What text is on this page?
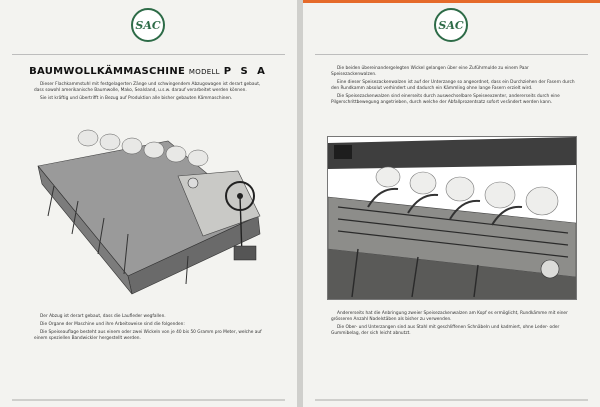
SAC
BAUMWOLLKÄMMASCHINE MODELL P S A

Dieser Flachkammstuhl mit festgelagerten Zänge und schwingendem Abzugswagen ist derart gebaut, dass sowohl amerikanische Baumwolle, Mako, Sealsland, u.s.w. darauf verarbeitet werden können.

Sie ist kräftig und übertrifft in Bezug auf Produktion alle bisher gebauten Kämmaschinen.

Der Abzug ist derart gebaut, dass die Laufleder wegfallen.

Die Organe der Maschine und ihre Arbeitsweise sind die folgenden:

Die Speiseauflage besteht aus einem oder zwei Wickeln von je 40 bis 50 Gramm pro Meter, welche auf einem speziellen Bandwickler hergestellt werden.

SAC

Die beiden übereinandergelegten Wickel gelangen über eine Zuführmulde zu einem Paar Speisezackenwalzen.

Eine dieser Speisezackenwalzen ist auf der Unterzange so angeordnet, dass ein Durchziehen der Fasern durch den Rundkamm absolut verhindert und dadurch ein Kämmling ohne lange Fasern erzielt wird.

Die Speisezackenwalzen sind einerseits durch auswechselbare Speiseexzenter, andererseits durch eine Pilgerschrittbewegung angetrieben, durch welche der Abfallprozentsatz sofort verändert werden kann.

Andererseits hat die Anbringung zweier Speisezackenwalzen am Kopf es ermöglicht, Rundkämme mit einer grösseren Anzahl Nadelstäben als bisher zu verwenden.

Die Ober- und Unterzangen sind aus Stahl mit geschliffenen Schnäbeln und kadmiert, ohne Leder- oder Gummibelag, der sich leicht abnutzt.
